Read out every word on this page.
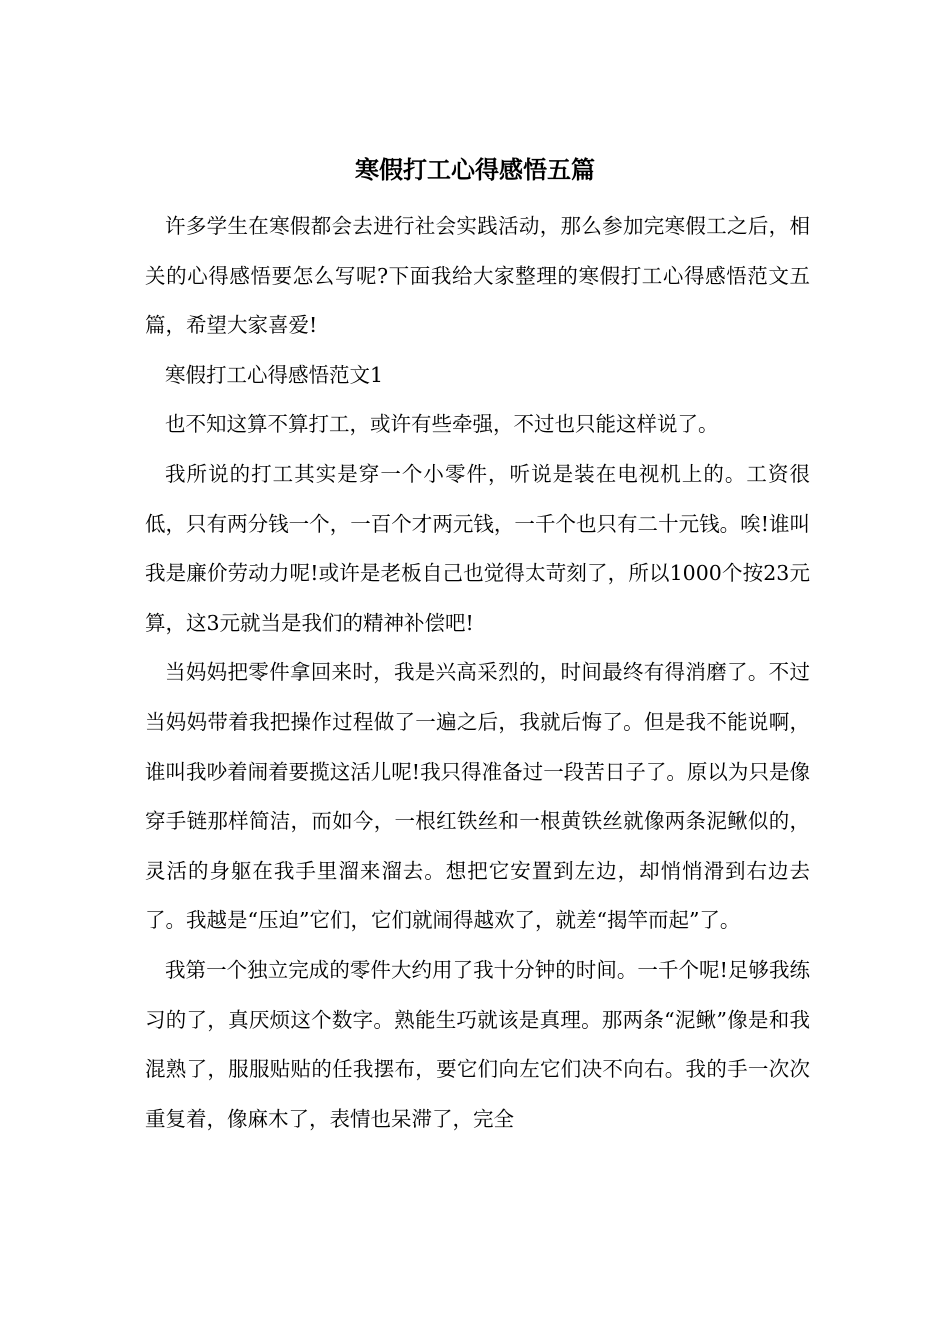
寒假打工心得感悟五篇

许多学生在寒假都会去进行社会实践活动，那么参加完寒假工之后，相关的心得感悟要怎么写呢?下面我给大家整理的寒假打工心得感悟范文五篇，希望大家喜爱!

寒假打工心得感悟范文1

也不知这算不算打工，或许有些牵强，不过也只能这样说了。

我所说的打工其实是穿一个小零件，听说是装在电视机上的。工资很低，只有两分钱一个，一百个才两元钱，一千个也只有二十元钱。唉!谁叫我是廉价劳动力呢!或许是老板自己也觉得太苛刻了，所以1000个按23元算，这3元就当是我们的精神补偿吧!

当妈妈把零件拿回来时，我是兴高采烈的，时间最终有得消磨了。不过当妈妈带着我把操作过程做了一遍之后，我就后悔了。但是我不能说啊，谁叫我吵着闹着要揽这活儿呢!我只得准备过一段苦日子了。原以为只是像穿手链那样简洁，而如今，一根红铁丝和一根黄铁丝就像两条泥鳅似的，灵活的身躯在我手里溜来溜去。想把它安置到左边，却悄悄滑到右边去了。我越是“压迫”它们，它们就闹得越欢了，就差“揭竿而起”了。

我第一个独立完成的零件大约用了我十分钟的时间。一千个呢!足够我练习的了，真厌烦这个数字。熟能生巧就该是真理。那两条“泥鳅”像是和我混熟了，服服贴贴的任我摆布，要它们向左它们决不向右。我的手一次次重复着，像麻木了，表情也呆滞了，完全
